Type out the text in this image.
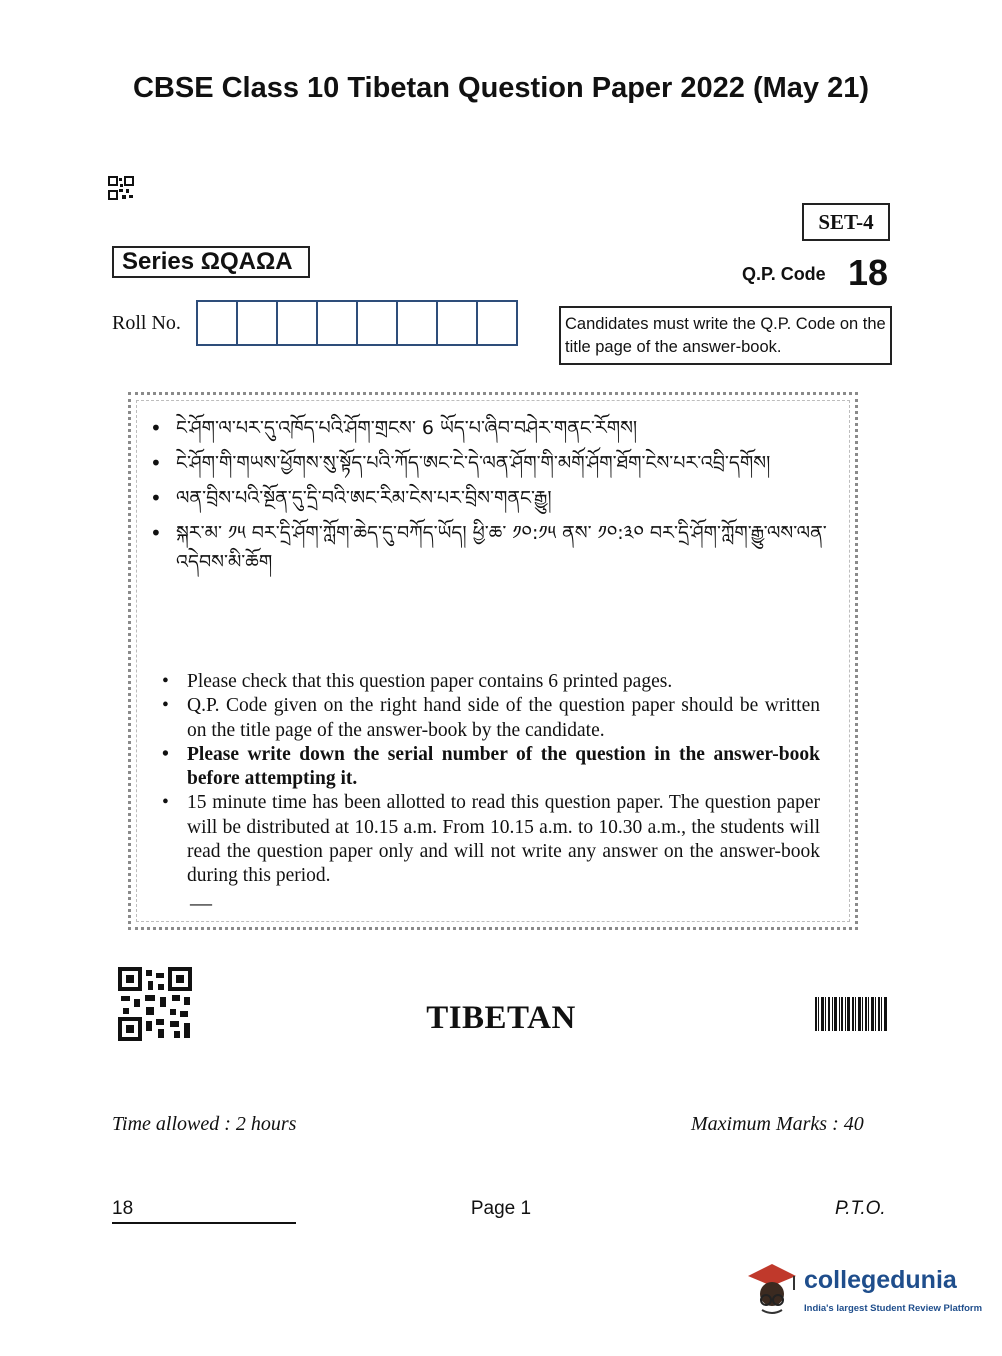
CBSE Class 10 Tibetan Question Paper 2022 (May 21)
SET-4
Series ΩQAΩA	Q.P. Code 18
Roll No.	Candidates must write the Q.P. Code on the title page of the answer-book.
• ངེ་ཤོག་ལ་པར་དུ་འཁོད་པའི་ཤོག་གྲངས་ 6 ཡོད་པ་ཞིབ་བཤེར་གནང་རོགས།
• ངེ་ཤོག་གི་གཡས་ཕྱོགས་སུ་སྟོད་པའི་ཀོད་ཨང་ངེ་དེ་ལན་ཤོག་གི་མགོ་ཤོག་ཐོག་ངེས་པར་འབྲི་དགོས།
• ལན་བྲིས་པའི་སྔོན་དུ་དྲི་བའི་ཨང་རིམ་ངེས་པར་བྲིས་གནང་རྒྱུ།
• སྐར་མ་ ༡༥ བར་དྲི་ཤོག་ཀློག་ཆེད་དུ་བཀོད་ཡོད། ཕྱི་ཆ་ ༡༠:༡༥ ནས་ ༡༠:༣༠ བར་དྲི་ཤོག་ཀློག་རྒྱུ་ལས་ལན་འདེབས་མི་ཆོག
• Please check that this question paper contains 6 printed pages.
• Q.P. Code given on the right hand side of the question paper should be written on the title page of the answer-book by the candidate.
• Please write down the serial number of the question in the answer-book before attempting it.
• 15 minute time has been allotted to read this question paper. The question paper will be distributed at 10.15 a.m. From 10.15 a.m. to 10.30 a.m., the students will read the question paper only and will not write any answer on the answer-book during this period.
—
TIBETAN
Time allowed : 2 hours	Maximum Marks : 40
18	Page 1	P.T.O.
collegedunia
India's largest Student Review Platform
